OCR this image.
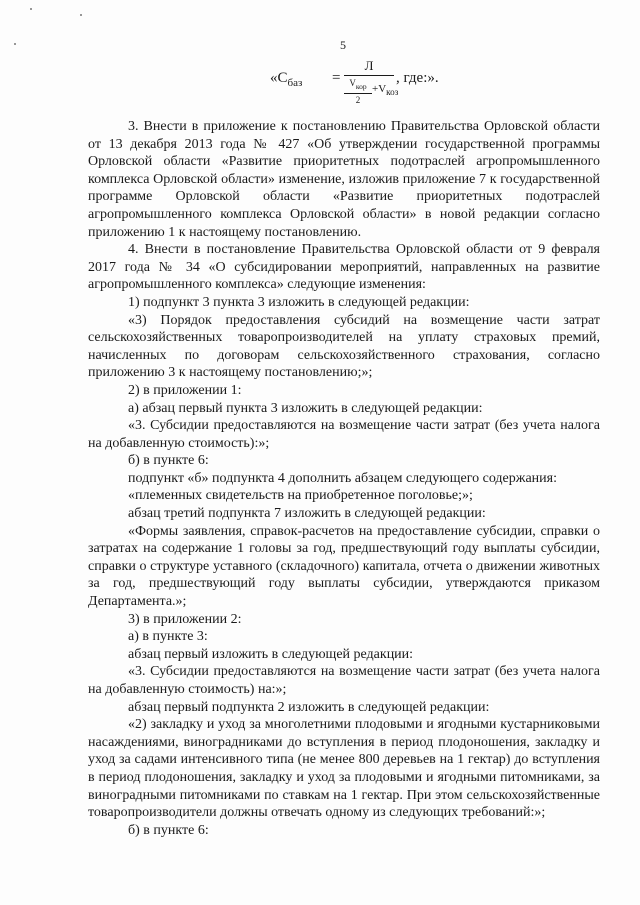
5
«$С_{баз}$ =
Л
$V_{кор}$
2
$+V_{коз}$
, где:».

3. Внести в приложение к постановлению Правительства Орловской области от 13 декабря 2013 года № 427 «Об утверждении государственной программы Орловской области «Развитие приоритетных подотраслей агропромышленного комплекса Орловской области» изменение, изложив приложение 7 к государственной программе Орловской области «Развитие приоритетных подотраслей агропромышленного комплекса Орловской области» в новой редакции согласно приложению 1 к настоящему постановлению.

4. Внести в постановление Правительства Орловской области от 9 февраля 2017 года № 34 «О субсидировании мероприятий, направленных на развитие агропромышленного комплекса» следующие изменения:

1) подпункт 3 пункта 3 изложить в следующей редакции:

«3) Порядок предоставления субсидий на возмещение части затрат сельскохозяйственных товаропроизводителей на уплату страховых премий, начисленных по договорам сельскохозяйственного страхования, согласно приложению 3 к настоящему постановлению;»;

2) в приложении 1:

а) абзац первый пункта 3 изложить в следующей редакции:

«3. Субсидии предоставляются на возмещение части затрат (без учета налога на добавленную стоимость):»;

б) в пункте 6:

подпункт «б» подпункта 4 дополнить абзацем следующего содержания:

«племенных свидетельств на приобретенное поголовье;»;

абзац третий подпункта 7 изложить в следующей редакции:

«Формы заявления, справок-расчетов на предоставление субсидии, справки о затратах на содержание 1 головы за год, предшествующий году выплаты субсидии, справки о структуре уставного (складочного) капитала, отчета о движении животных за год, предшествующий году выплаты субсидии, утверждаются приказом Департамента.»;

3) в приложении 2:

а) в пункте 3:

абзац первый изложить в следующей редакции:

«3. Субсидии предоставляются на возмещение части затрат (без учета налога на добавленную стоимость) на:»;

абзац первый подпункта 2 изложить в следующей редакции:

«2) закладку и уход за многолетними плодовыми и ягодными кустарниковыми насаждениями, виноградниками до вступления в период плодоношения, закладку и уход за садами интенсивного типа (не менее 800 деревьев на 1 гектар) до вступления в период плодоношения, закладку и уход за плодовыми и ягодными питомниками, за виноградными питомниками по ставкам на 1 гектар. При этом сельскохозяйственные товаропроизводители должны отвечать одному из следующих требований:»;

б) в пункте 6:
